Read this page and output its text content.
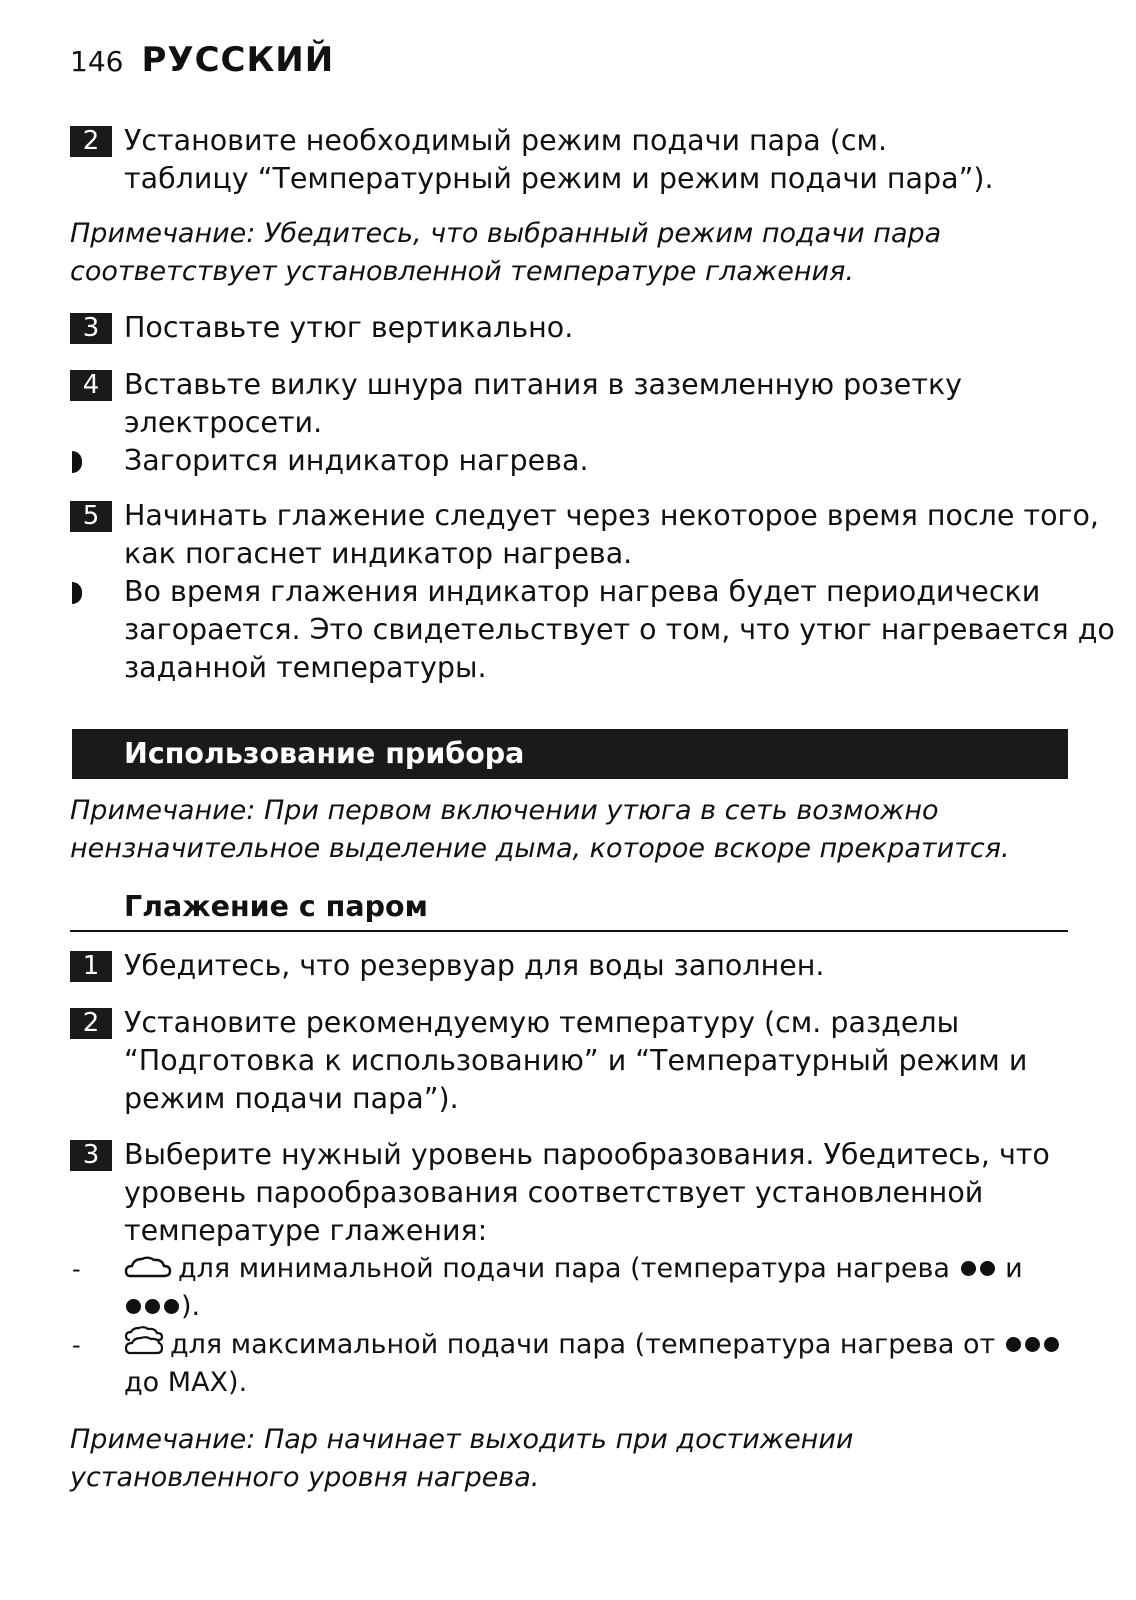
146 РУССКИЙ
2 Установите необходимый режим подачи пара (см.
таблицу “Температурный режим и режим подачи пара”).
Примечание: Убедитесь, что выбранный режим подачи пара
соответствует установленной температуре глажения.
3 Поставьте утюг вертикально.
4 Вставьте вилку шнура питания в заземленную розетку
электросети.
Загорится индикатор нагрева.
5 Начинать глажение следует через некоторое время после того,
как погаснет индикатор нагрева.
Во время глажения индикатор нагрева будет периодически
загорается. Это свидетельствует о том, что утюг нагревается до
заданной температуры.
Использование прибора
Примечание: При первом включении утюга в сеть возможно
нензначительное выделение дыма, которое вскоре прекратится.
Глажение с паром
1 Убедитесь, что резервуар для воды заполнен.
2 Установите рекомендуемую температуру (см. разделы
“Подготовка к использованию” и “Температурный режим и
режим подачи пара”).
3 Выберите нужный уровень парообразования. Убедитесь, что
уровень парообразования соответствует установленной
температуре глажения:
-	для минимальной подачи пара (температура нагрева и
).
-	для максимальной подачи пара (температура нагрева от
до MAX).
Примечание: Пар начинает выходить при достижении
установленного уровня нагрева.
